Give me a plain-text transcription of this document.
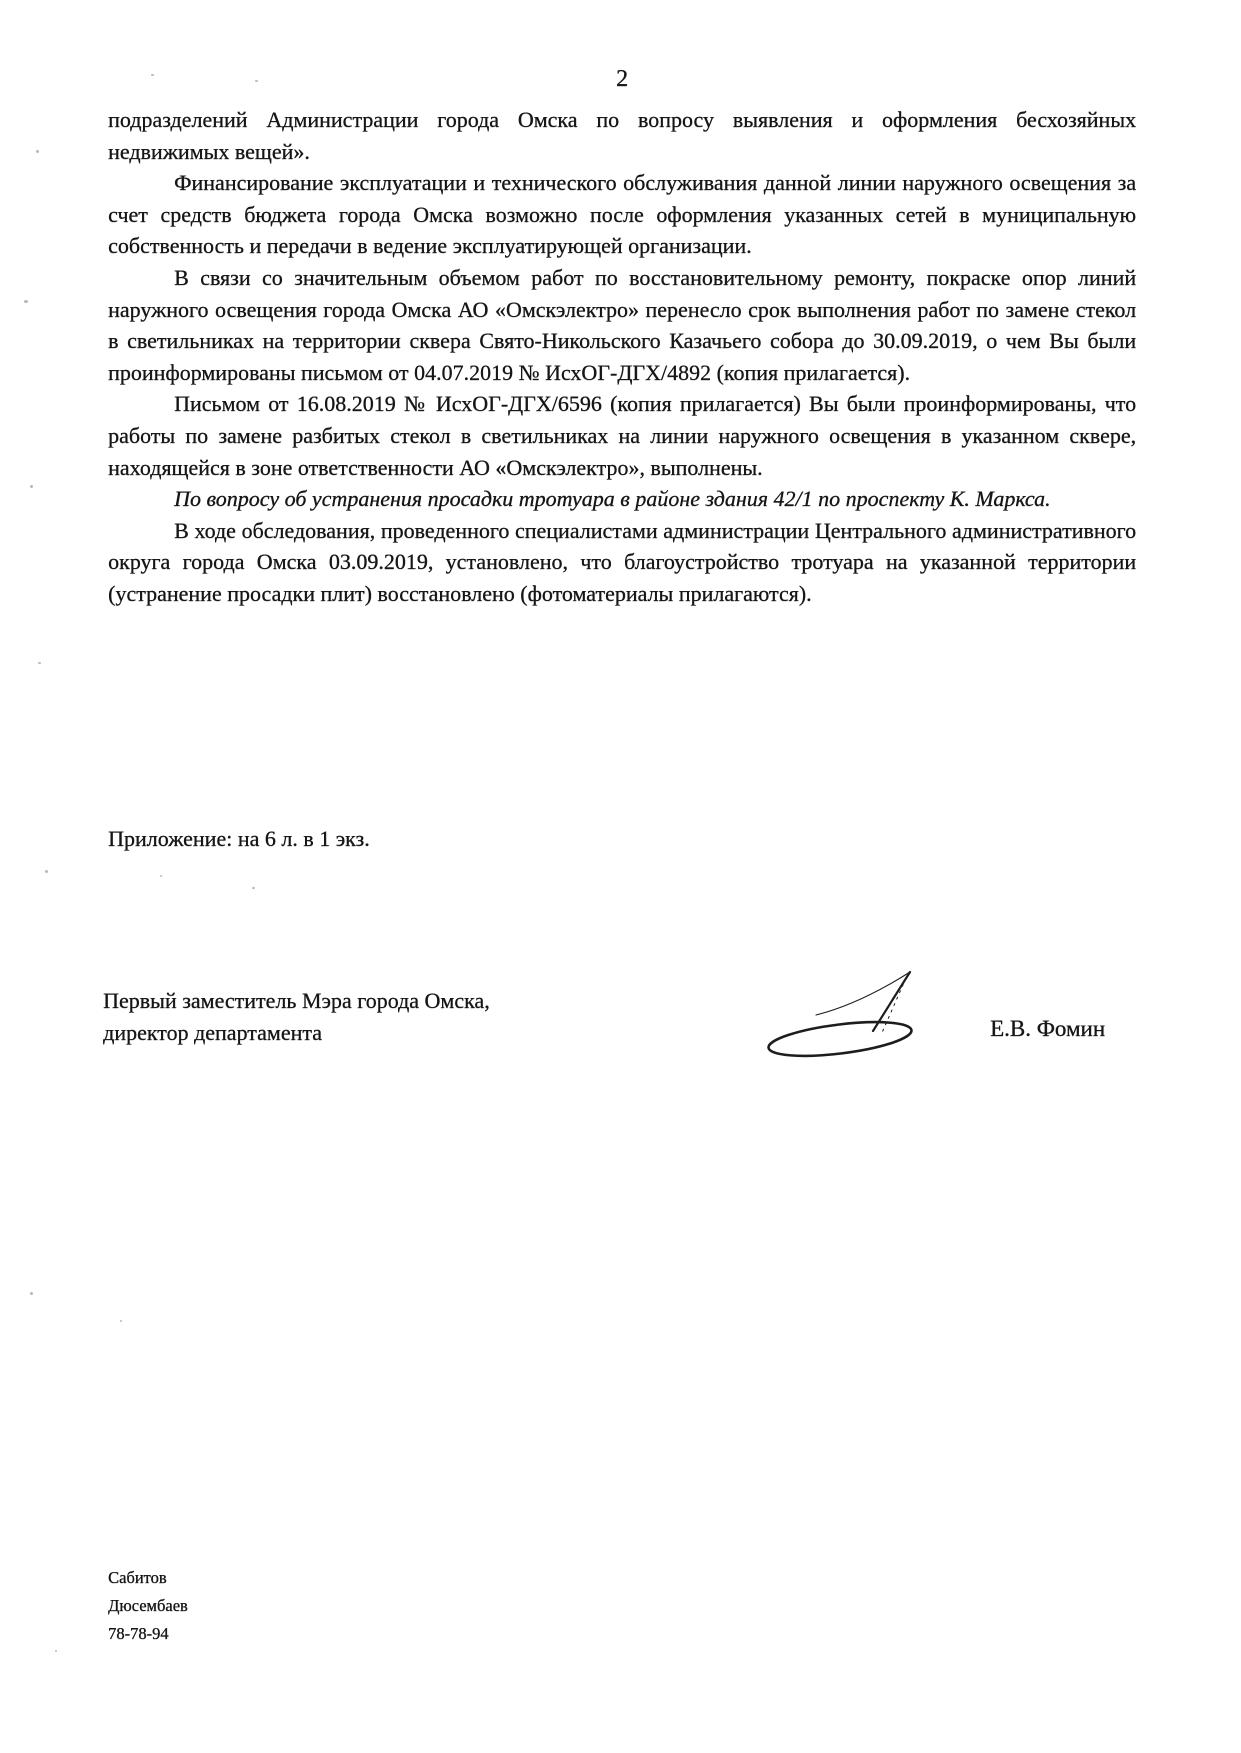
2

подразделений Администрации города Омска по вопросу выявления и оформления бесхозяйных недвижимых вещей».

Финансирование эксплуатации и технического обслуживания данной линии наружного освещения за счет средств бюджета города Омска возможно после оформления указанных сетей в муниципальную собственность и передачи в ведение эксплуатирующей организации.

В связи со значительным объемом работ по восстановительному ремонту, покраске опор линий наружного освещения города Омска АО «Омскэлектро» перенесло срок выполнения работ по замене стекол в светильниках на территории сквера Свято-Никольского Казачьего собора до 30.09.2019, о чем Вы были проинформированы письмом от 04.07.2019 № ИсхОГ-ДГХ/4892 (копия прилагается).

Письмом от 16.08.2019 № ИсхОГ-ДГХ/6596 (копия прилагается) Вы были проинформированы, что работы по замене разбитых стекол в светильниках на линии наружного освещения в указанном сквере, находящейся в зоне ответственности АО «Омскэлектро», выполнены.

По вопросу об устранения просадки тротуара в районе здания 42/1 по проспекту К. Маркса.

В ходе обследования, проведенного специалистами администрации Центрального административного округа города Омска 03.09.2019, установлено, что благоустройство тротуара на указанной территории (устранение просадки плит) восстановлено (фотоматериалы прилагаются).

Приложение: на 6 л. в 1 экз.
Первый заместитель Мэра города Омска,
директор департамента	Е.В. Фомин
Сабитов
Дюсембаев
78-78-94
